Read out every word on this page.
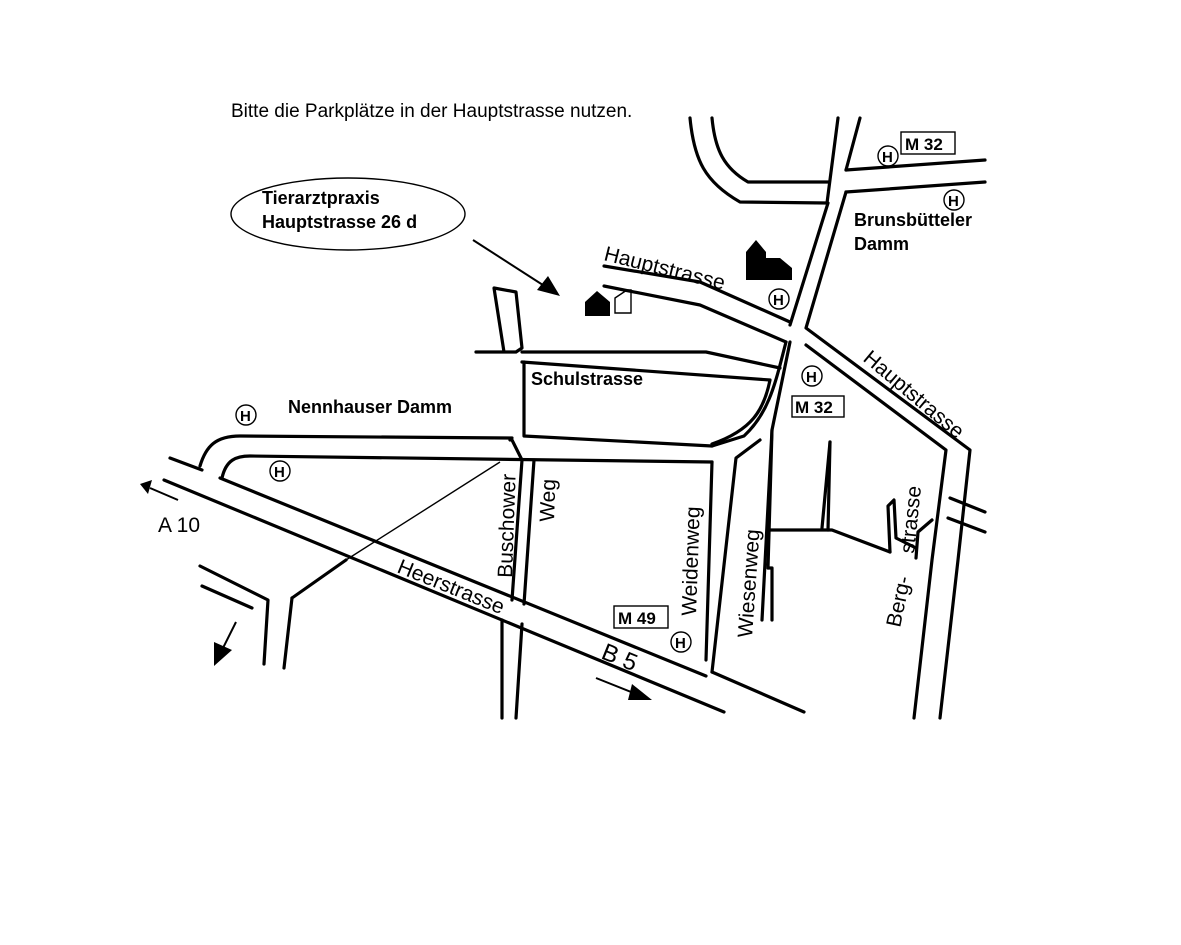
Bitte die Parkplätze in der Hauptstrasse nutzen.
Tierarztpraxis
Hauptstrasse 26 d
A 10
Hauptstrasse
Hauptstrasse
Brunsbütteler
Damm
Schulstrasse
Nennhauser Damm
Buschower Weg
Weidenweg Wiesenweg	Berg-
strasse
Heerstrasse
B 5
H
H
H
H
H
H
H
M 32
M 32
M 49
